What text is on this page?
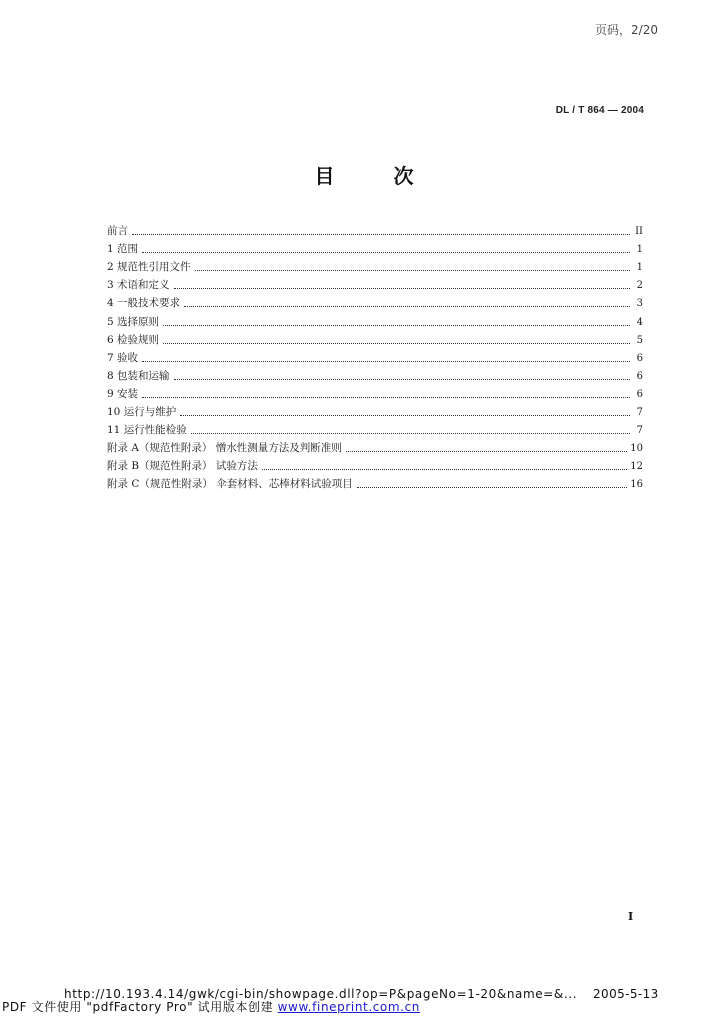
页码，2/20
DL / T 864 — 2004
目 次
前言	II
1 范围	1
2 规范性引用文件	1
3 术语和定义	2
4 一般技术要求	3
5 选择原则	4
6 检验规则	5
7 验收	6
8 包装和运输	6
9 安装	6
10 运行与维护	7
11 运行性能检验	7
附录 A（规范性附录） 憎水性测量方法及判断准则	10
附录 B（规范性附录） 试验方法	12
附录 C（规范性附录） 伞套材料、芯棒材料试验项目	16
I
http://10.193.4.14/gwk/cgi-bin/showpage.dll?op=P&pageNo=1-20&name=&... 2005-5-13
PDF 文件使用 "pdfFactory Pro" 试用版本创建 www.fineprint.com.cn
